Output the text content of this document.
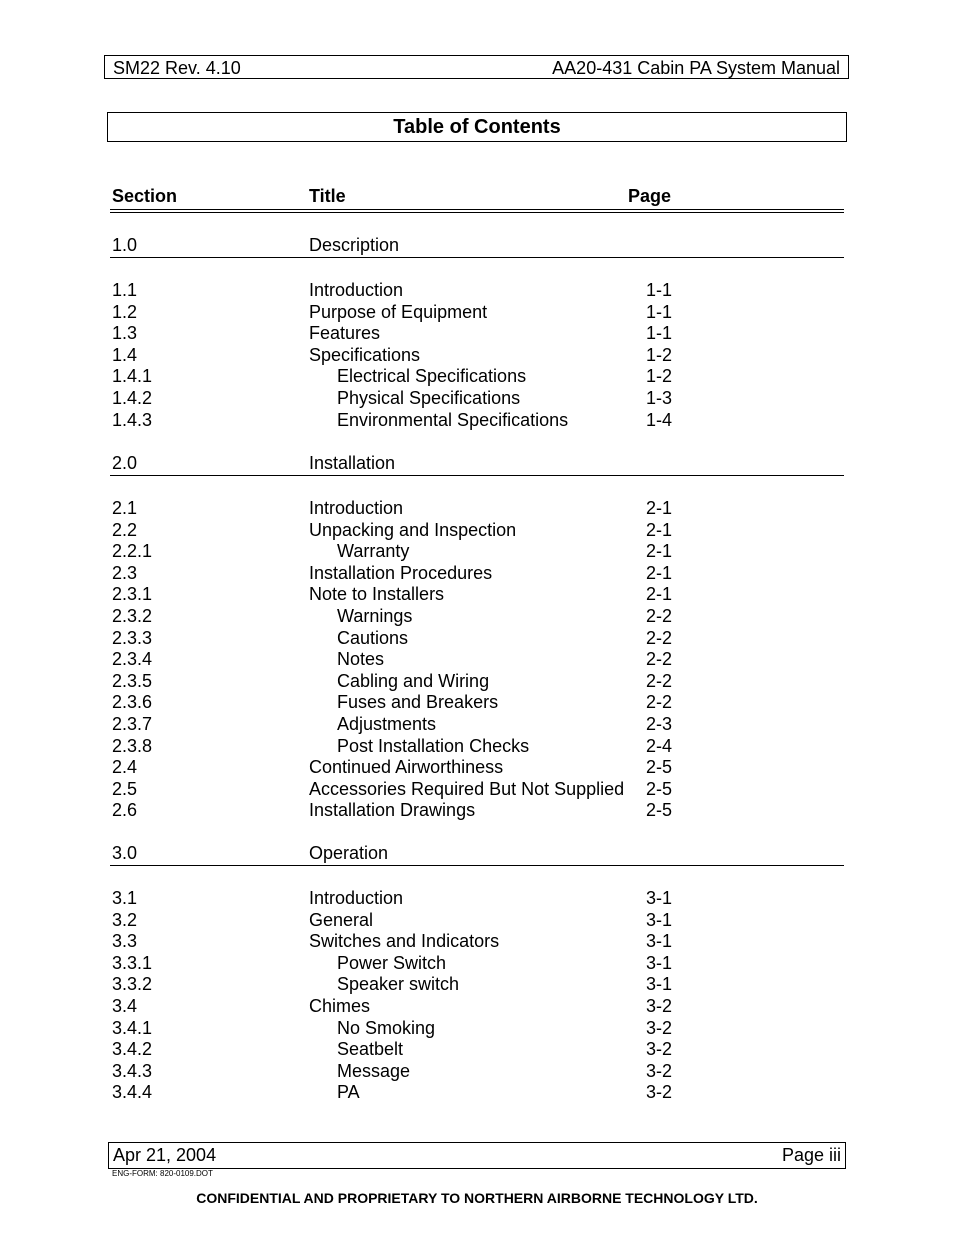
SM22 Rev. 4.10	AA20-431 Cabin PA System Manual
Table of Contents
Section	Title	Page
1.0	Description
1.1	Introduction	1-1
1.2	Purpose of Equipment	1-1
1.3	Features	1-1
1.4	Specifications	1-2
1.4.1	Electrical Specifications	1-2
1.4.2	Physical Specifications	1-3
1.4.3	Environmental Specifications	1-4
2.0	Installation
2.1	Introduction	2-1
2.2	Unpacking and Inspection	2-1
2.2.1	Warranty	2-1
2.3	Installation Procedures	2-1
2.3.1	Note to Installers	2-1
2.3.2	Warnings	2-2
2.3.3	Cautions	2-2
2.3.4	Notes	2-2
2.3.5	Cabling and Wiring	2-2
2.3.6	Fuses and Breakers	2-2
2.3.7	Adjustments	2-3
2.3.8	Post Installation Checks	2-4
2.4	Continued Airworthiness	2-5
2.5	Accessories Required But Not Supplied 2-5
2.6	Installation Drawings	2-5
3.0	Operation
3.1	Introduction	3-1
3.2	General	3-1
3.3	Switches and Indicators	3-1
3.3.1	Power Switch	3-1
3.3.2	Speaker switch	3-1
3.4	Chimes	3-2
3.4.1	No Smoking	3-2
3.4.2	Seatbelt	3-2
3.4.3	Message	3-2
3.4.4	PA	3-2
Apr 21, 2004	Page iii
ENG-FORM: 820-0109.DOT
CONFIDENTIAL AND PROPRIETARY TO NORTHERN AIRBORNE TECHNOLOGY LTD.
